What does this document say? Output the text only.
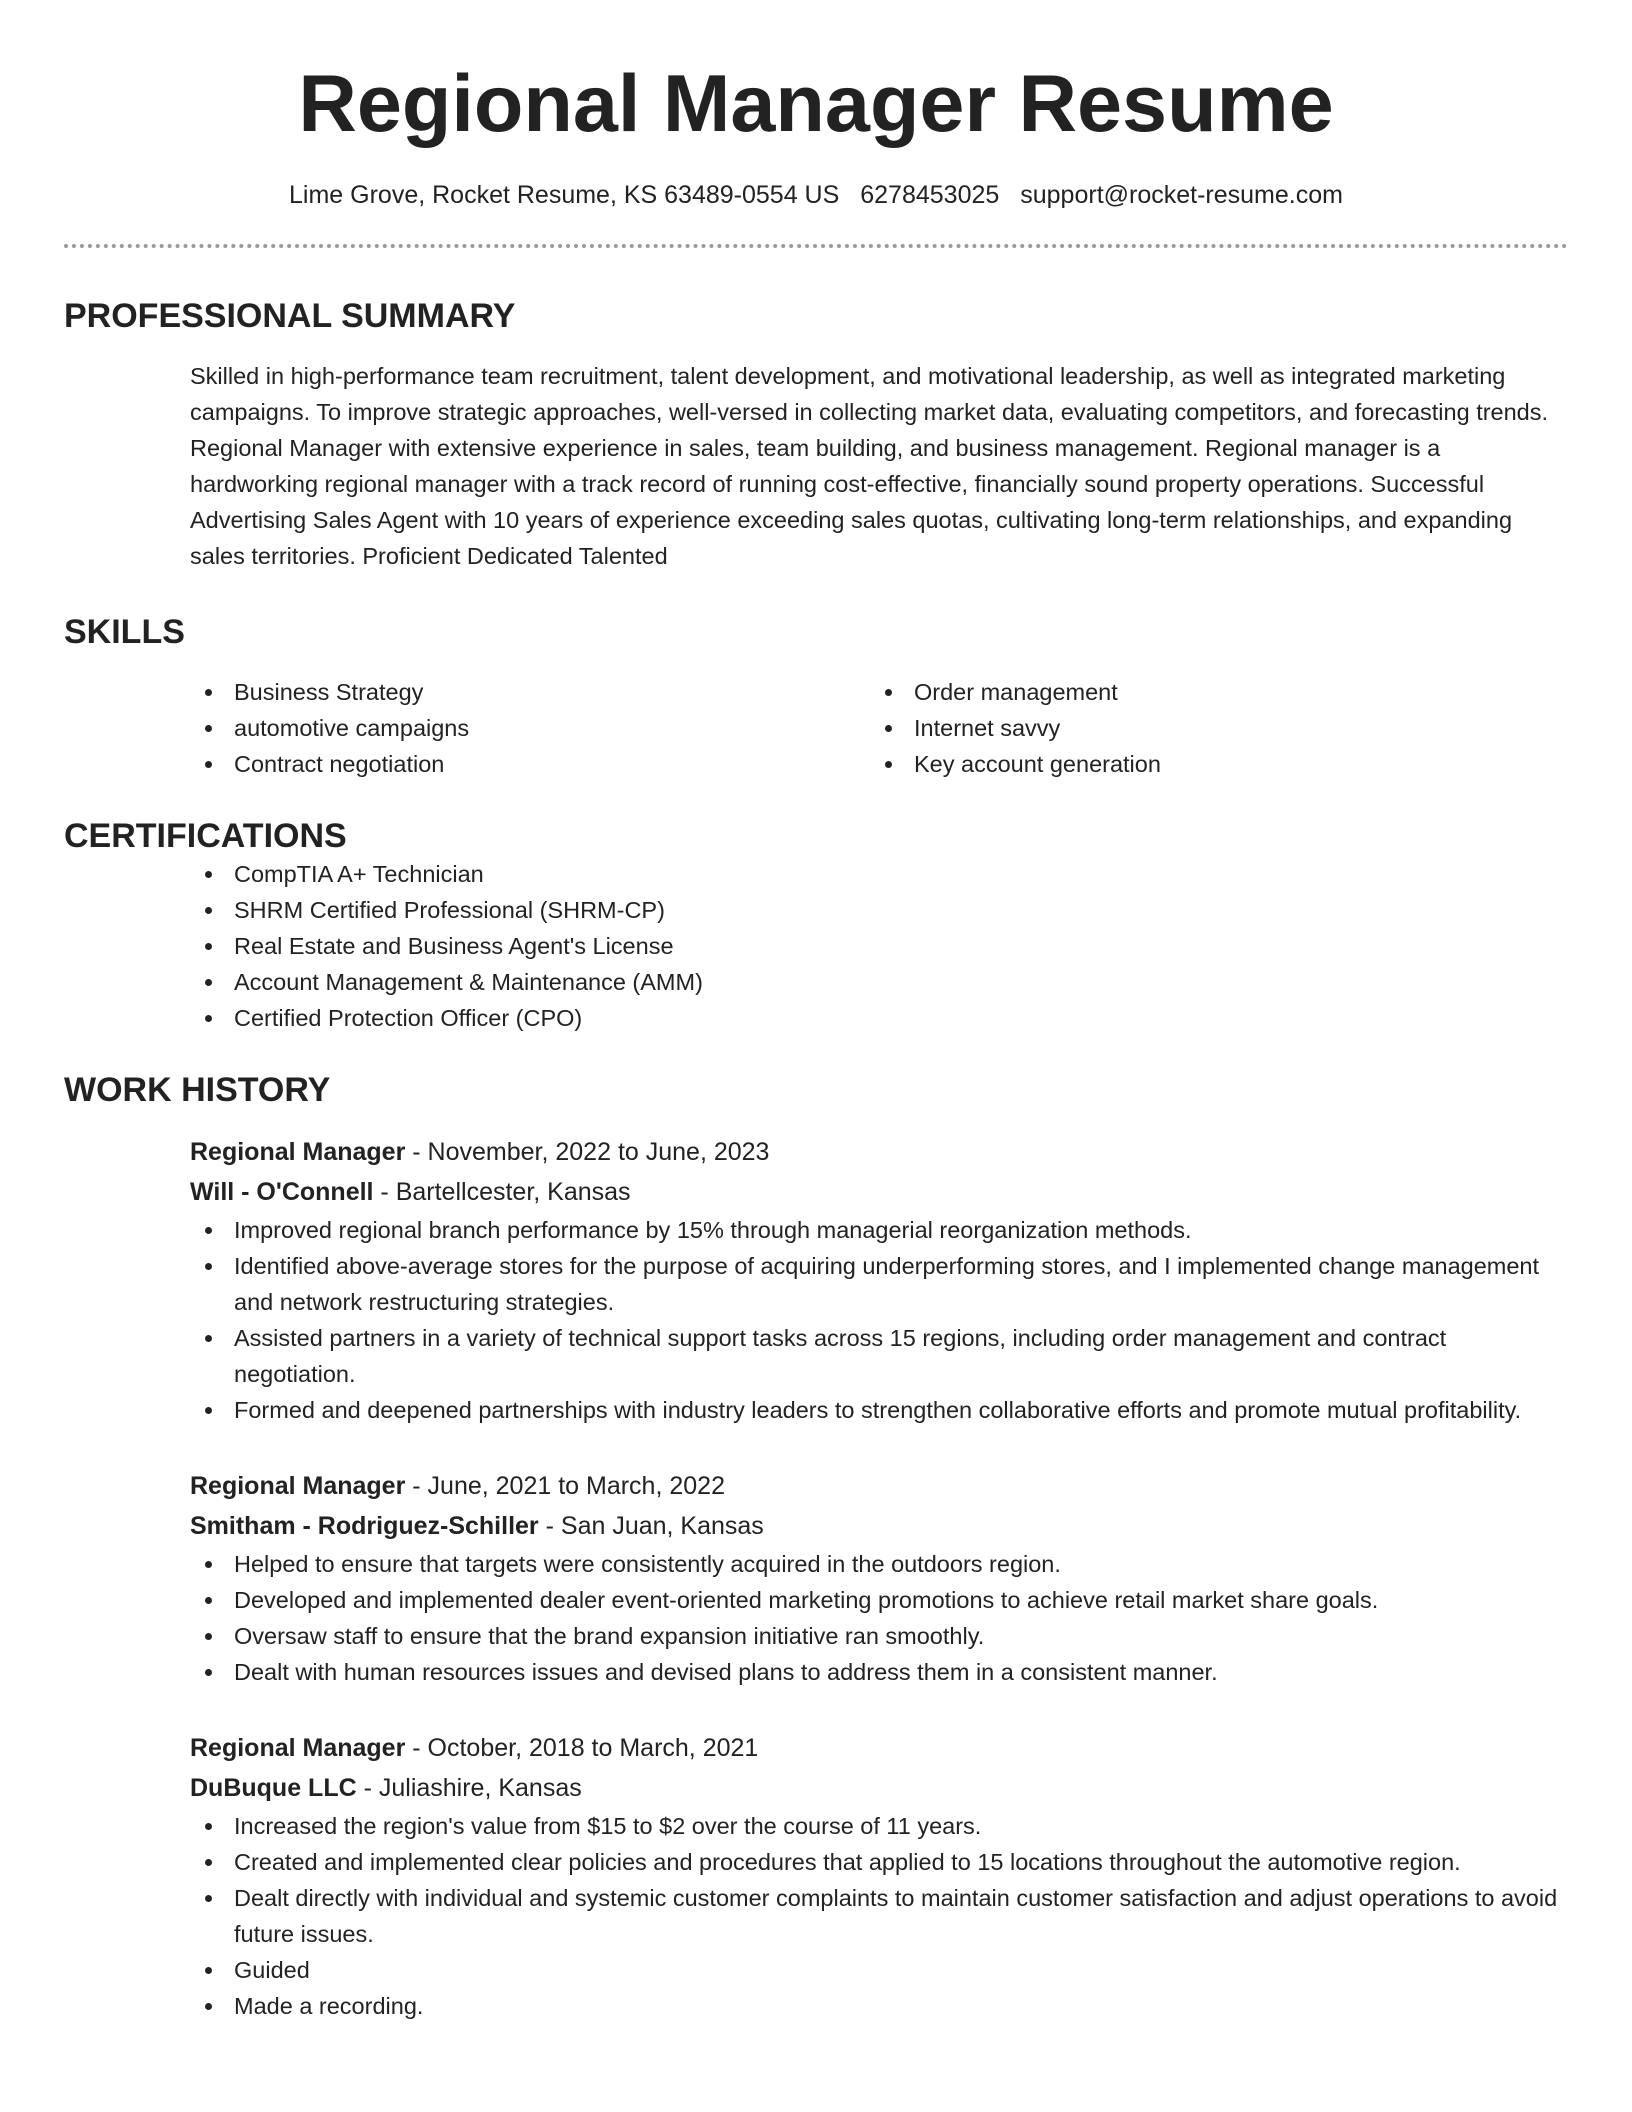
Regional Manager Resume
Lime Grove, Rocket Resume, KS 63489-0554 US 6278453025 support@rocket-resume.com
PROFESSIONAL SUMMARY

Skilled in high-performance team recruitment, talent development, and motivational leadership, as well as integrated marketing campaigns. To improve strategic approaches, well-versed in collecting market data, evaluating competitors, and forecasting trends. Regional Manager with extensive experience in sales, team building, and business management. Regional manager is a hardworking regional manager with a track record of running cost-effective, financially sound property operations. Successful Advertising Sales Agent with 10 years of experience exceeding sales quotas, cultivating long-term relationships, and expanding sales territories. Proficient Dedicated Talented

SKILLS
Business Strategy
automotive campaigns
Contract negotiation
Order management
Internet savvy
Key account generation
CERTIFICATIONS
CompTIA A+ Technician
SHRM Certified Professional (SHRM-CP)
Real Estate and Business Agent's License
Account Management & Maintenance (AMM)
Certified Protection Officer (CPO)
WORK HISTORY
Regional Manager - November, 2022 to June, 2023
Will - O'Connell - Bartellcester, Kansas
Improved regional branch performance by 15% through managerial reorganization methods.
Identified above-average stores for the purpose of acquiring underperforming stores, and I implemented change management and network restructuring strategies.
Assisted partners in a variety of technical support tasks across 15 regions, including order management and contract negotiation.
Formed and deepened partnerships with industry leaders to strengthen collaborative efforts and promote mutual profitability.
Regional Manager - June, 2021 to March, 2022
Smitham - Rodriguez-Schiller - San Juan, Kansas
Helped to ensure that targets were consistently acquired in the outdoors region.
Developed and implemented dealer event-oriented marketing promotions to achieve retail market share goals.
Oversaw staff to ensure that the brand expansion initiative ran smoothly.
Dealt with human resources issues and devised plans to address them in a consistent manner.
Regional Manager - October, 2018 to March, 2021
DuBuque LLC - Juliashire, Kansas
Increased the region's value from $15 to $2 over the course of 11 years.
Created and implemented clear policies and procedures that applied to 15 locations throughout the automotive region.
Dealt directly with individual and systemic customer complaints to maintain customer satisfaction and adjust operations to avoid future issues.
Guided
Made a recording.
